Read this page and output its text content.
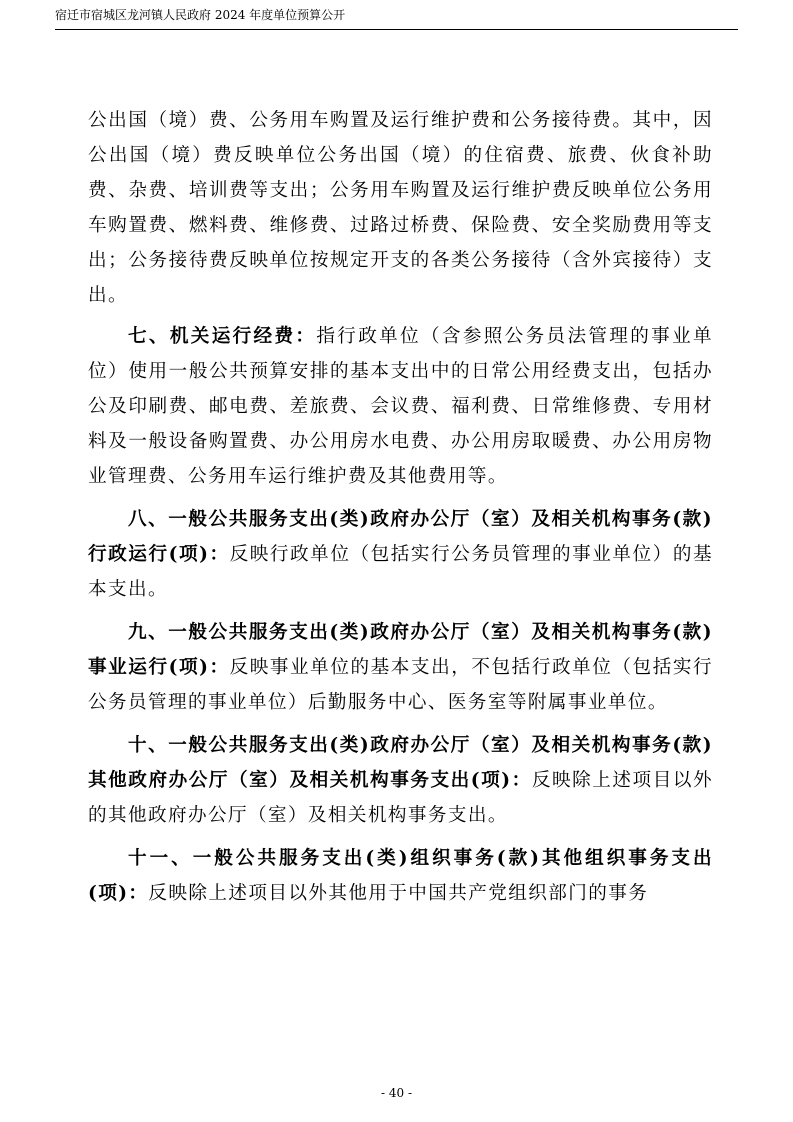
宿迁市宿城区龙河镇人民政府 2024 年度单位预算公开

公出国（境）费、公务用车购置及运行维护费和公务接待费。其中，因公出国（境）费反映单位公务出国（境）的住宿费、旅费、伙食补助费、杂费、培训费等支出；公务用车购置及运行维护费反映单位公务用车购置费、燃料费、维修费、过路过桥费、保险费、安全奖励费用等支出；公务接待费反映单位按规定开支的各类公务接待（含外宾接待）支出。

七、机关运行经费：指行政单位（含参照公务员法管理的事业单位）使用一般公共预算安排的基本支出中的日常公用经费支出，包括办公及印刷费、邮电费、差旅费、会议费、福利费、日常维修费、专用材料及一般设备购置费、办公用房水电费、办公用房取暖费、办公用房物业管理费、公务用车运行维护费及其他费用等。

八、一般公共服务支出(类)政府办公厅（室）及相关机构事务(款)行政运行(项)：反映行政单位（包括实行公务员管理的事业单位）的基本支出。

九、一般公共服务支出(类)政府办公厅（室）及相关机构事务(款)事业运行(项)：反映事业单位的基本支出，不包括行政单位（包括实行公务员管理的事业单位）后勤服务中心、医务室等附属事业单位。

十、一般公共服务支出(类)政府办公厅（室）及相关机构事务(款)其他政府办公厅（室）及相关机构事务支出(项)：反映除上述项目以外的其他政府办公厅（室）及相关机构事务支出。

十一、一般公共服务支出(类)组织事务(款)其他组织事务支出(项)：反映除上述项目以外其他用于中国共产党组织部门的事务

- 40 -
